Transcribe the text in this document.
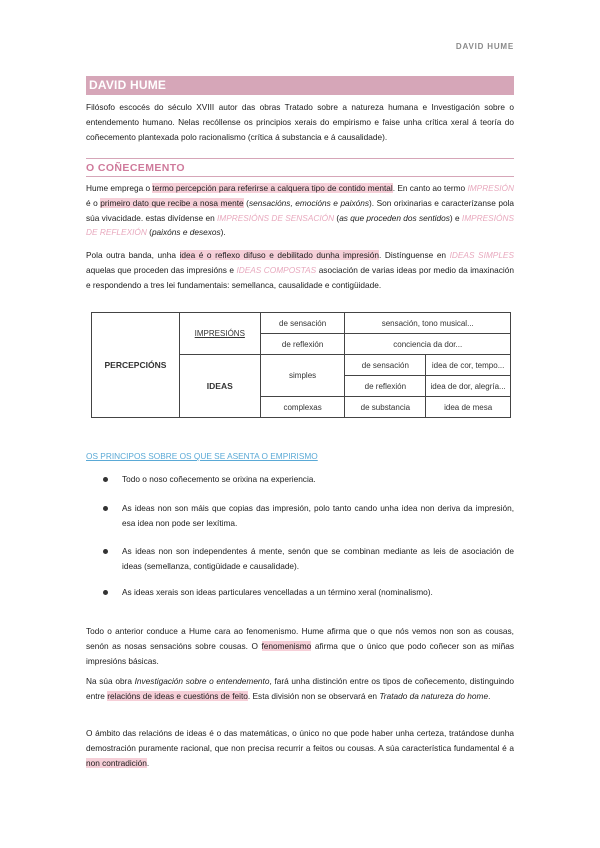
DAVID HUME
DAVID HUME

Filósofo escocés do século XVIII autor das obras Tratado sobre a natureza humana e Investigación sobre o entendemento humano. Nelas recóllense os principios xerais do empirismo e faise unha crítica xeral á teoría do coñecemento plantexada polo racionalismo (crítica á substancia e á causalidade).

O COÑECEMENTO

Hume emprega o termo percepción para referirse a calquera tipo de contido mental. En canto ao termo IMPRESIÓN é o primeiro dato que recibe a nosa mente (sensacións, emocións e paixóns). Son orixinarias e caracterízanse pola súa vivacidade. estas divídense en IMPRESIÓNS DE SENSACIÓN (as que proceden dos sentidos) e IMPRESIÓNS DE REFLEXIÓN (paixóns e desexos).

Pola outra banda, unha idea é o reflexo difuso e debilitado dunha impresión. Distínguense en IDEAS SIMPLES aquelas que proceden das impresións e IDEAS COMPOSTAS asociación de varias ideas por medio da imaxinación e respondendo a tres lei fundamentais: semellanca, causalidade e contigüidade.

PERCEPCIÓNS	IMPRESIÓNS	de sensación	sensación, tono musical...	
		de reflexión	conciencia da dor...	
	IDEAS	simples	de sensación	idea de cor, tempo...
			de reflexión	idea de dor, alegría...
		complexas	de substancia	idea de mesa
OS PRINCIPOS SOBRE OS QUE SE ASENTA O EMPIRISMO
Todo o noso coñecemento se orixina na experiencia.
As ideas non son máis que copias das impresión, polo tanto cando unha idea non deriva da impresión, esa idea non pode ser lexítima.
As ideas non son independentes á mente, senón que se combinan mediante as leis de asociación de ideas (semellanza, contigüidade e causalidade).
As ideas xerais son ideas particulares vencelladas a un término xeral (nominalismo).

Todo o anterior conduce a Hume cara ao fenomenismo. Hume afirma que o que nós vemos non son as cousas, senón as nosas sensacións sobre cousas. O fenomenismo afirma que o único que podo coñecer son as miñas impresións básicas.

Na súa obra Investigación sobre o entendemento, fará unha distinción entre os tipos de coñecemento, distinguindo entre relacións de ideas e cuestións de feito. Esta división non se observará en Tratado da natureza do home.

O ámbito das relacións de ideas é o das matemáticas, o único no que pode haber unha certeza, tratándose dunha demostración puramente racional, que non precisa recurrir a feitos ou cousas. A súa característica fundamental é a non contradición.
